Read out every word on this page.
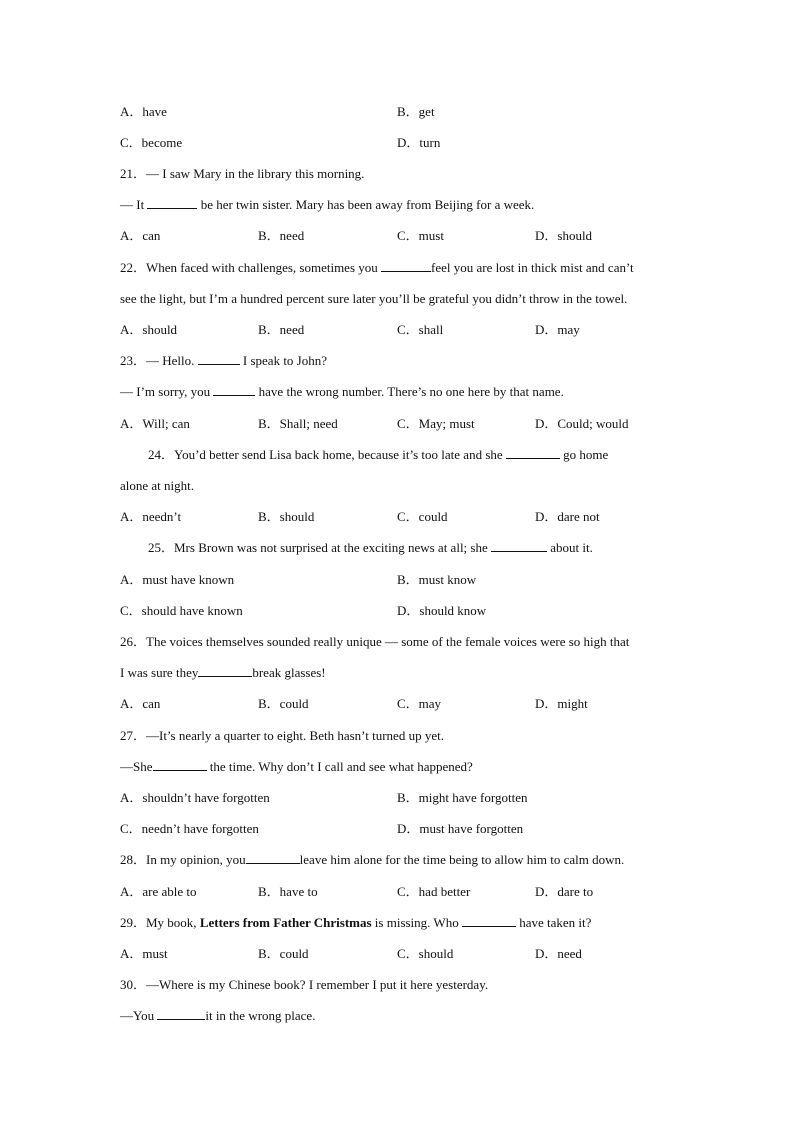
A．have	B．get
C．become	D．turn
21．— I saw Mary in the library this morning.
— It	be her twin sister. Mary has been away from Beijing for a week.
A．can	B．need	C．must	D．should
22．When faced with challenges, sometimes you	feel you are lost in thick mist and can’t
see the light, but I’m a hundred percent sure later you’ll be grateful you didn’t throw in the towel.
A．should	B．need	C．shall	D．may
23．— Hello.	I speak to John?
— I’m sorry, you	have the wrong number. There’s no one here by that name.
A．Will; can	B．Shall; need	C．May; must	D．Could; would
24．You’d better send Lisa back home, because it’s too late and she	go home
alone at night.
A．needn’t	B．should	C．could	D．dare not
25．Mrs Brown was not surprised at the exciting news at all; she	about it.
A．must have known	B．must know
C．should have known	D．should know
26．The voices themselves sounded really unique — some of the female voices were so high that
I was sure they	break glasses!
A．can	B．could	C．may	D．might
27．—It’s nearly a quarter to eight. Beth hasn’t turned up yet.
—She	the time. Why don’t I call and see what happened?
A．shouldn’t have forgotten	B．might have forgotten
C．needn’t have forgotten	D．must have forgotten
28．In my opinion, you	leave him alone for the time being to allow him to calm down.
A．are able to	B．have to	C．had better	D．dare to
29．My book, Letters from Father Christmas is missing. Who	have taken it?
A．must	B．could	C．should	D．need
30．—Where is my Chinese book? I remember I put it here yesterday.
—You	it in the wrong place.
